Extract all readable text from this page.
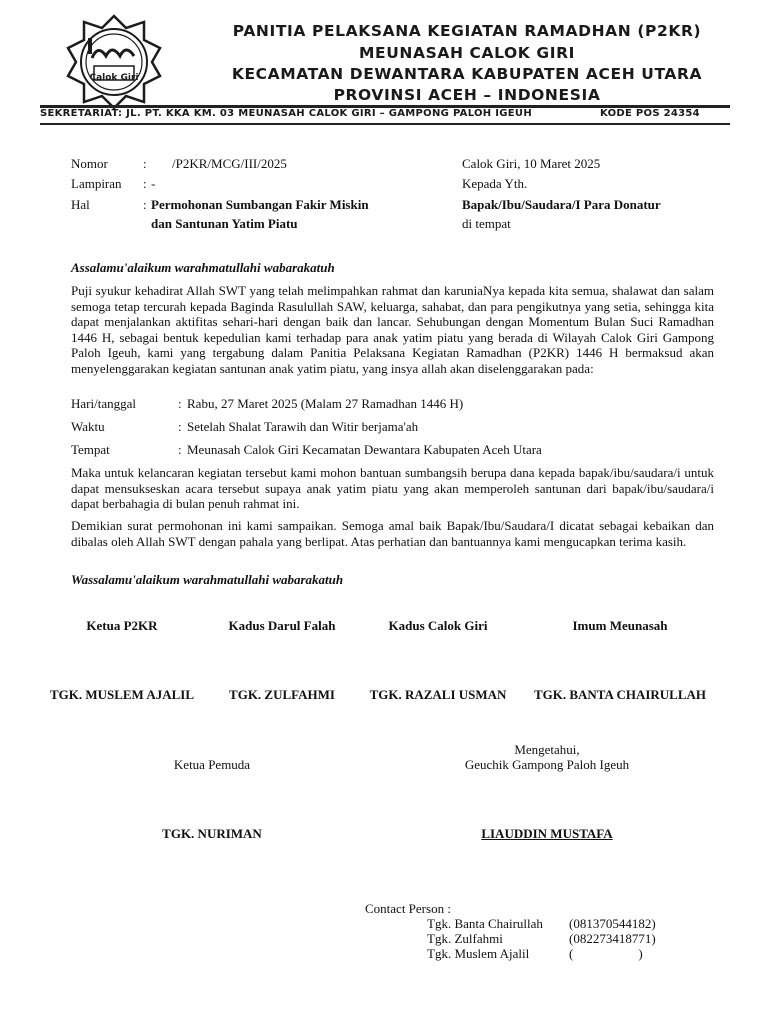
Calok Giri
PANITIA PELAKSANA KEGIATAN RAMADHAN (P2KR)
MEUNASAH CALOK GIRI
KECAMATAN DEWANTARA KABUPATEN ACEH UTARA
PROVINSI ACEH – INDONESIA
SEKRETARIAT: JL. PT. KKA KM. 03 MEUNASAH CALOK GIRI – GAMPONG PALOH IGEUH	KODE POS 24354
Nomor	: /P2KR/MCG/III/2025
Lampiran : -
Hal	: Permohonan Sumbangan Fakir Miskin
dan Santunan Yatim Piatu
Calok Giri, 10 Maret 2025
Kepada Yth.
Bapak/Ibu/Saudara/I Para Donatur
di tempat
Assalamu'alaikum warahmatullahi wabarakatuh
Puji syukur kehadirat Allah SWT yang telah melimpahkan rahmat dan karuniaNya kepada kita semua, shalawat dan salam semoga tetap tercurah kepada Baginda Rasulullah SAW, keluarga, sahabat, dan para pengikutnya yang setia, sehingga kita dapat menjalankan aktifitas sehari-hari dengan baik dan lancar. Sehubungan dengan Momentum Bulan Suci Ramadhan 1446 H, sebagai bentuk kepedulian kami terhadap para anak yatim piatu yang berada di Wilayah Calok Giri Gampong Paloh Igeuh, kami yang tergabung dalam Panitia Pelaksana Kegiatan Ramadhan (P2KR) 1446 H bermaksud akan menyelenggarakan kegiatan santunan anak yatim piatu, yang insya allah akan diselenggarakan pada:
Hari/tanggal	: Rabu, 27 Maret 2025 (Malam 27 Ramadhan 1446 H)
Waktu	: Setelah Shalat Tarawih dan Witir berjama'ah
Tempat	: Meunasah Calok Giri Kecamatan Dewantara Kabupaten Aceh Utara
Maka untuk kelancaran kegiatan tersebut kami mohon bantuan sumbangsih berupa dana kepada bapak/ibu/saudara/i untuk dapat mensukseskan acara tersebut supaya anak yatim piatu yang akan memperoleh santunan dari bapak/ibu/saudara/i dapat berbahagia di bulan penuh rahmat ini.
Demikian surat permohonan ini kami sampaikan. Semoga amal baik Bapak/Ibu/Saudara/I dicatat sebagai kebaikan dan dibalas oleh Allah SWT dengan pahala yang berlipat. Atas perhatian dan bantuannya kami mengucapkan terima kasih.
Wassalamu'alaikum warahmatullahi wabarakatuh
Ketua P2KR	Kadus Darul Falah	Kadus Calok Giri	Imum Meunasah
TGK. MUSLEM AJALIL	TGK. ZULFAHMI	TGK. RAZALI USMAN	TGK. BANTA CHAIRULLAH
Ketua Pemuda
Mengetahui,
Geuchik Gampong Paloh Igeuh
TGK. NURIMAN	LIAUDDIN MUSTAFA
Contact Person :
Tgk. Banta Chairullah (081370544182)
Tgk. Zulfahmi	(082273418771)
Tgk. Muslem Ajalil	(                    )
